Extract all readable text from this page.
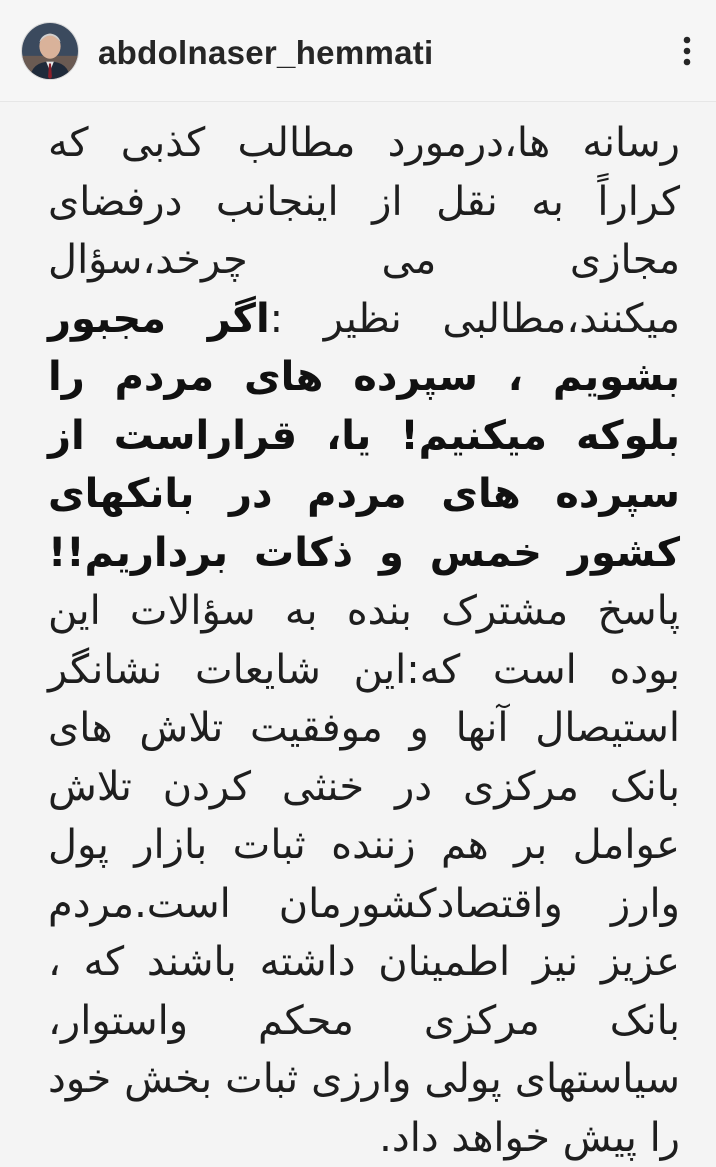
abdolnaser_hemmati
رسانه ها،درمورد مطالب کذبی که کراراً به نقل از اینجانب درفضای مجازی می چرخد،سؤال میکنند،مطالبی نظیر :اگر مجبور بشویم ، سپرده های مردم را بلوکه میکنیم! یا، قراراست از سپرده های مردم در بانکهای کشور خمس و ذکات برداریم!! پاسخ مشترک بنده به سؤالات این بوده است که:این شایعات نشانگر استیصال آنها و موفقیت تلاش های بانک مرکزی در خنثی کردن تلاش عوامل بر هم زننده ثبات بازار پول وارز واقتصادکشورمان است.مردم عزیز نیز اطمینان داشته باشند که ، بانک مرکزی محکم واستوار، سیاستهای پولی وارزی ثبات بخش خود را پیش خواهد داد.
